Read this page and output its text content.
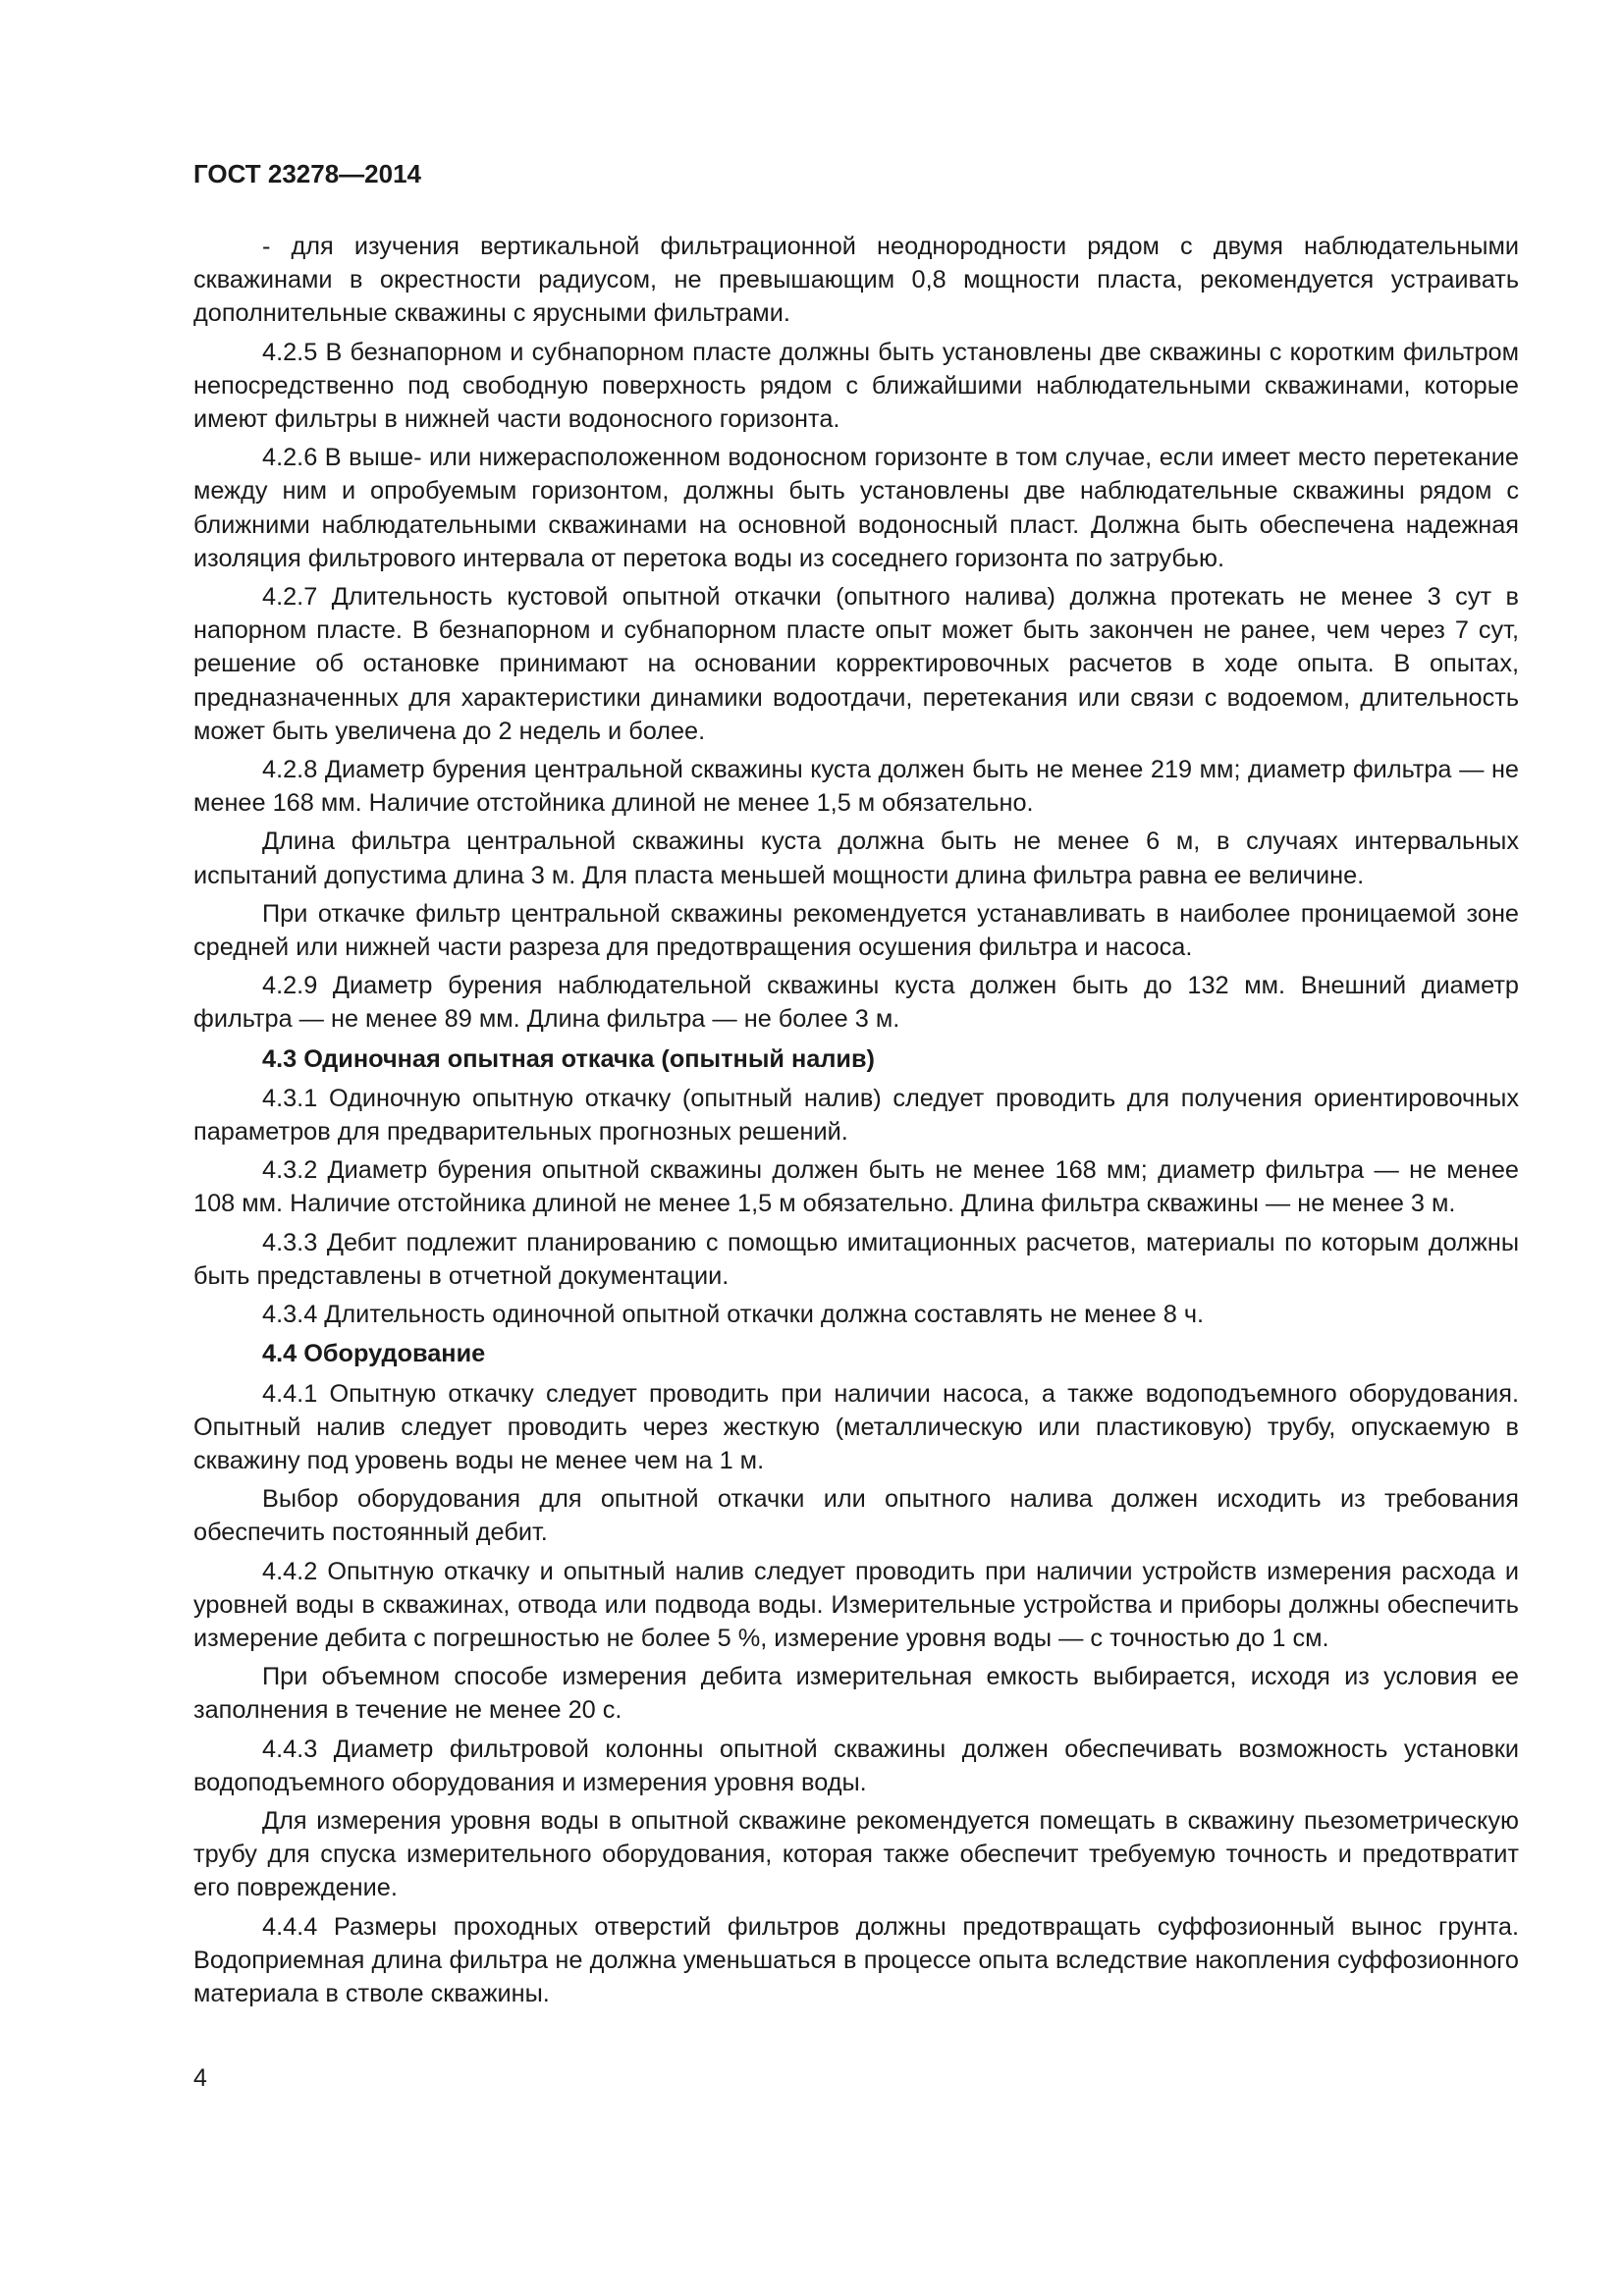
ГОСТ 23278—2014

- для изучения вертикальной фильтрационной неоднородности рядом с двумя наблюдательными скважинами в окрестности радиусом, не превышающим 0,8 мощности пласта, рекомендуется устраивать дополнительные скважины с ярусными фильтрами.

4.2.5 В безнапорном и субнапорном пласте должны быть установлены две скважины с коротким фильтром непосредственно под свободную поверхность рядом с ближайшими наблюдательными скважинами, которые имеют фильтры в нижней части водоносного горизонта.

4.2.6 В выше- или нижерасположенном водоносном горизонте в том случае, если имеет место перетекание между ним и опробуемым горизонтом, должны быть установлены две наблюдательные скважины рядом с ближними наблюдательными скважинами на основной водоносный пласт. Должна быть обеспечена надежная изоляция фильтрового интервала от перетока воды из соседнего горизонта по затрубью.

4.2.7 Длительность кустовой опытной откачки (опытного налива) должна протекать не менее 3 сут в напорном пласте. В безнапорном и субнапорном пласте опыт может быть закончен не ранее, чем через 7 сут, решение об остановке принимают на основании корректировочных расчетов в ходе опыта. В опытах, предназначенных для характеристики динамики водоотдачи, перетекания или связи с водоемом, длительность может быть увеличена до 2 недель и более.

4.2.8 Диаметр бурения центральной скважины куста должен быть не менее 219 мм; диаметр фильтра — не менее 168 мм. Наличие отстойника длиной не менее 1,5 м обязательно.

Длина фильтра центральной скважины куста должна быть не менее 6 м, в случаях интервальных испытаний допустима длина 3 м. Для пласта меньшей мощности длина фильтра равна ее величине.

При откачке фильтр центральной скважины рекомендуется устанавливать в наиболее проницаемой зоне средней или нижней части разреза для предотвращения осушения фильтра и насоса.

4.2.9 Диаметр бурения наблюдательной скважины куста должен быть до 132 мм. Внешний диаметр фильтра — не менее 89 мм. Длина фильтра — не более 3 м.

4.3 Одиночная опытная откачка (опытный налив)

4.3.1 Одиночную опытную откачку (опытный налив) следует проводить для получения ориентировочных параметров для предварительных прогнозных решений.

4.3.2 Диаметр бурения опытной скважины должен быть не менее 168 мм; диаметр фильтра — не менее 108 мм. Наличие отстойника длиной не менее 1,5 м обязательно. Длина фильтра скважины — не менее 3 м.

4.3.3 Дебит подлежит планированию с помощью имитационных расчетов, материалы по которым должны быть представлены в отчетной документации.

4.3.4 Длительность одиночной опытной откачки должна составлять не менее 8 ч.

4.4 Оборудование

4.4.1 Опытную откачку следует проводить при наличии насоса, а также водоподъемного оборудования. Опытный налив следует проводить через жесткую (металлическую или пластиковую) трубу, опускаемую в скважину под уровень воды не менее чем на 1 м.

Выбор оборудования для опытной откачки или опытного налива должен исходить из требования обеспечить постоянный дебит.

4.4.2 Опытную откачку и опытный налив следует проводить при наличии устройств измерения расхода и уровней воды в скважинах, отвода или подвода воды. Измерительные устройства и приборы должны обеспечить измерение дебита с погрешностью не более 5 %, измерение уровня воды — с точностью до 1 см.

При объемном способе измерения дебита измерительная емкость выбирается, исходя из условия ее заполнения в течение не менее 20 с.

4.4.3 Диаметр фильтровой колонны опытной скважины должен обеспечивать возможность установки водоподъемного оборудования и измерения уровня воды.

Для измерения уровня воды в опытной скважине рекомендуется помещать в скважину пьезометрическую трубу для спуска измерительного оборудования, которая также обеспечит требуемую точность и предотвратит его повреждение.

4.4.4 Размеры проходных отверстий фильтров должны предотвращать суффозионный вынос грунта. Водоприемная длина фильтра не должна уменьшаться в процессе опыта вследствие накопления суффозионного материала в стволе скважины.

4
